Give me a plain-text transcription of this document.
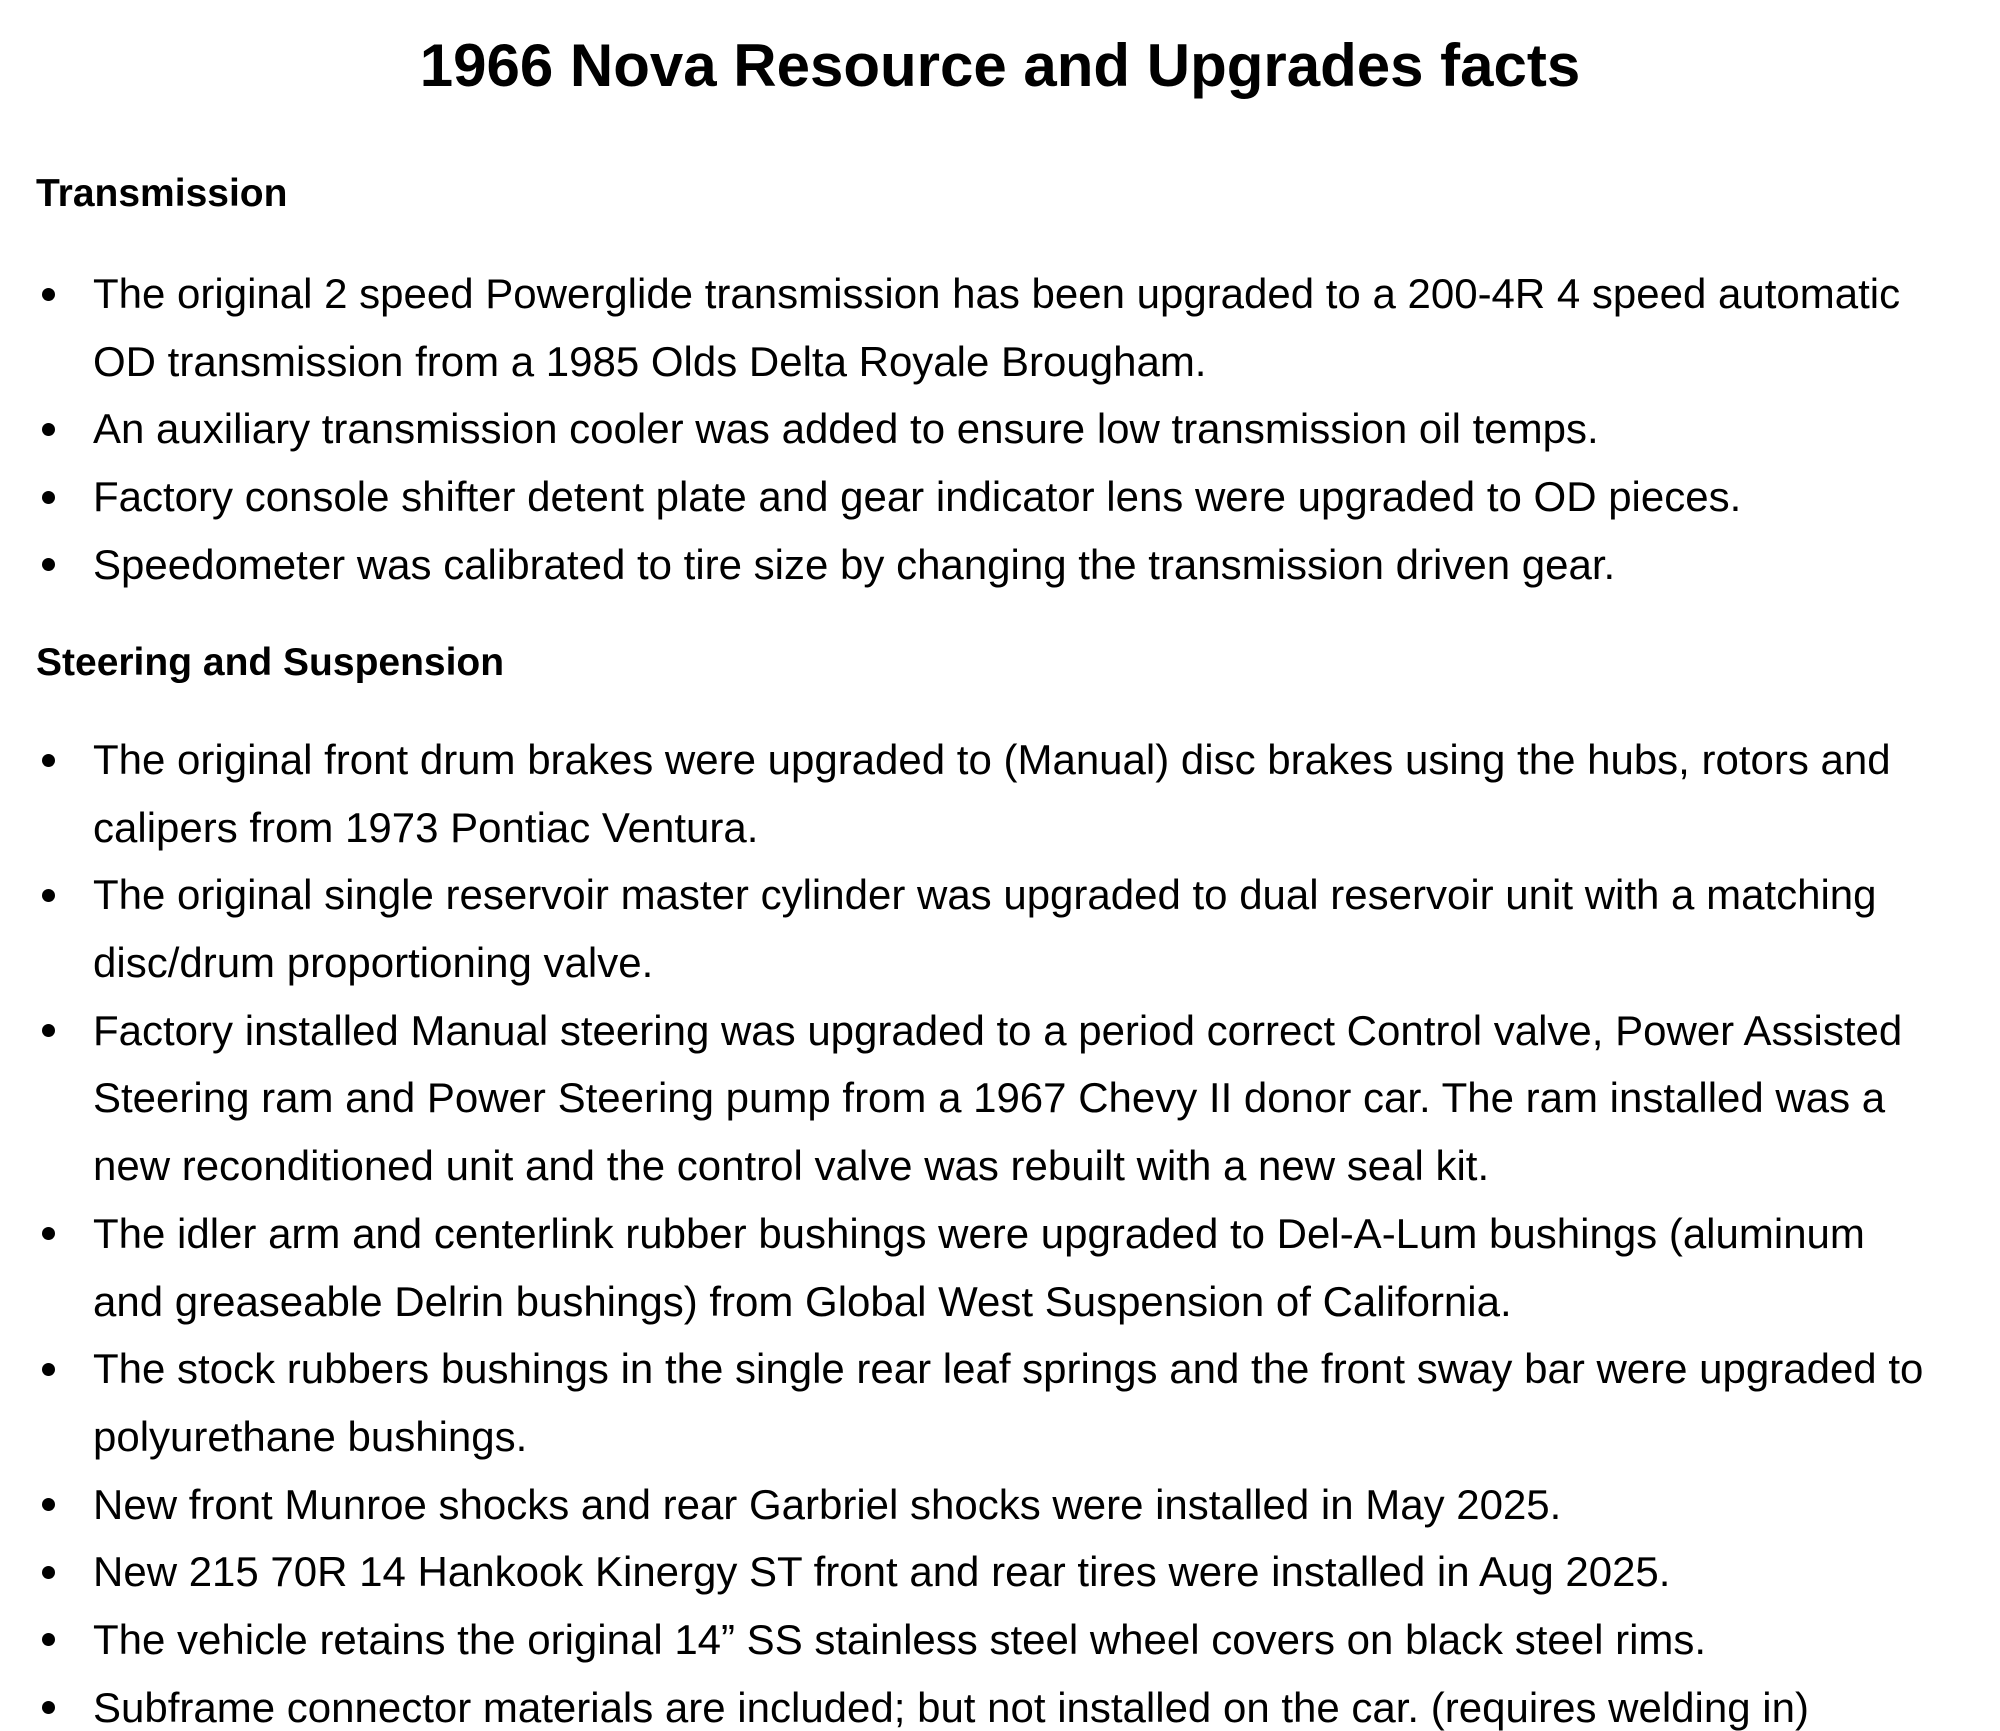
1966 Nova Resource and Upgrades facts
Transmission
The original 2 speed Powerglide transmission has been upgraded to a 200-4R 4 speed automatic
OD transmission from a 1985 Olds Delta Royale Brougham.
An auxiliary transmission cooler was added to ensure low transmission oil temps.
Factory console shifter detent plate and gear indicator lens were upgraded to OD pieces.
Speedometer was calibrated to tire size by changing the transmission driven gear.
Steering and Suspension
The original front drum brakes were upgraded to (Manual) disc brakes using the hubs, rotors and
calipers from 1973 Pontiac Ventura.
The original single reservoir master cylinder was upgraded to dual reservoir unit with a matching
disc/drum proportioning valve.
Factory installed Manual steering was upgraded to a period correct Control valve, Power Assisted
Steering ram and Power Steering pump from a 1967 Chevy II donor car. The ram installed was a
new reconditioned unit and the control valve was rebuilt with a new seal kit.
The idler arm and centerlink rubber bushings were upgraded to Del-A-Lum bushings (aluminum
and greaseable Delrin bushings) from Global West Suspension of California.
The stock rubbers bushings in the single rear leaf springs and the front sway bar were upgraded to
polyurethane bushings.
New front Munroe shocks and rear Garbriel shocks were installed in May 2025.
New 215 70R 14 Hankook Kinergy ST front and rear tires were installed in Aug 2025.
The vehicle retains the original 14” SS stainless steel wheel covers on black steel rims.
Subframe connector materials are included; but not installed on the car. (requires welding in)
